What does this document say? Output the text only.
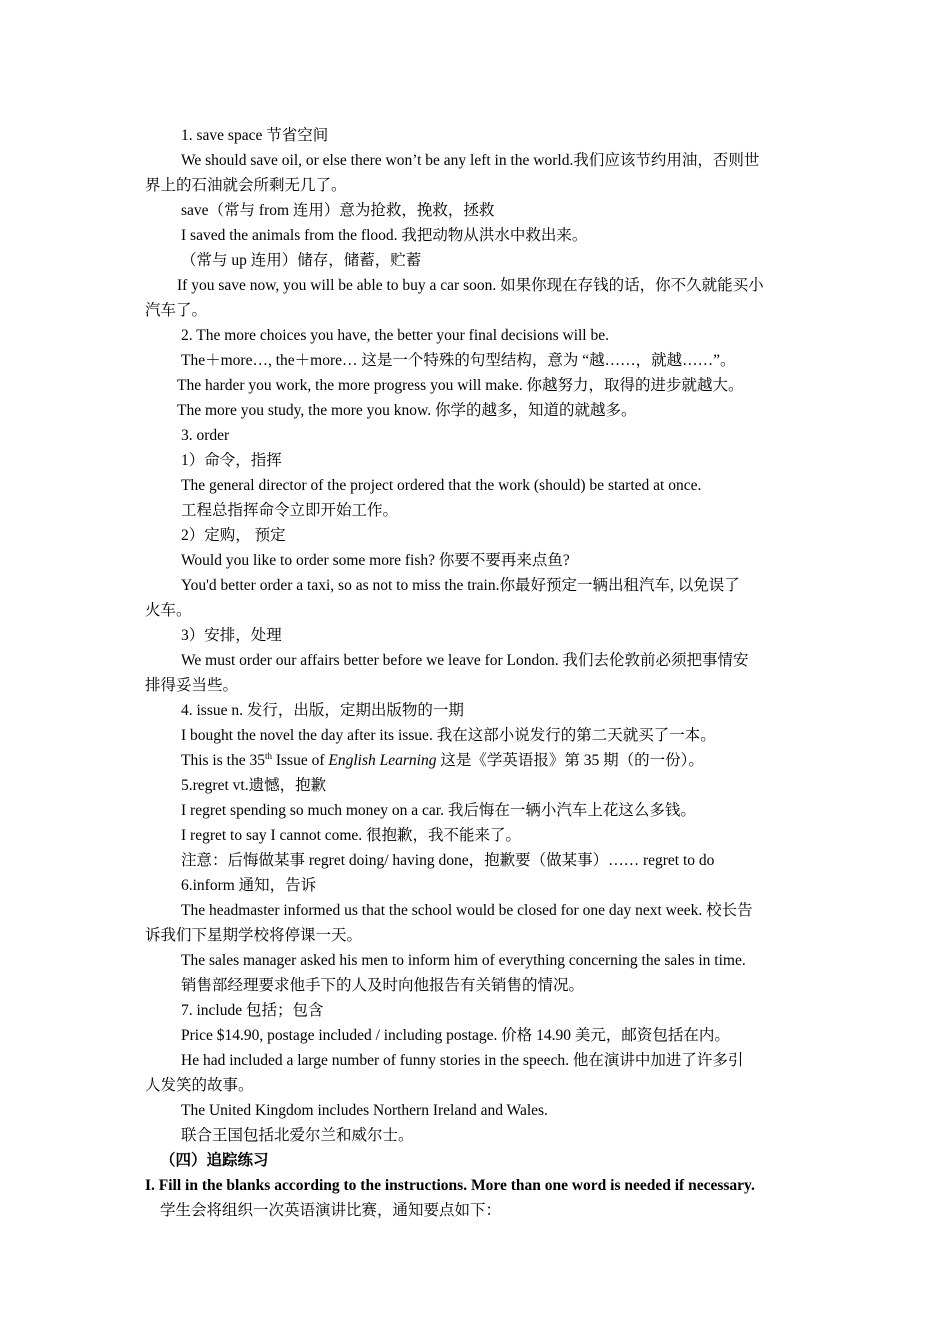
1. save space 节省空间
We should save oil, or else there won’t be any left in the world.我们应该节约用油，否则世
界上的石油就会所剩无几了。
save（常与 from 连用）意为抢救，挽救，拯救
I saved the animals from the flood. 我把动物从洪水中救出来。
（常与 up 连用）储存，储蓄，贮蓄
If you save now, you will be able to buy a car soon. 如果你现在存钱的话，你不久就能买小
汽车了。
2. The more choices you have, the better your final decisions will be.
The＋more…, the＋more… 这是一个特殊的句型结构，意为 “越……，就越……”。
The harder you work, the more progress you will make. 你越努力，取得的进步就越大。
The more you study, the more you know. 你学的越多，知道的就越多。
3. order
1）命令，指挥
The general director of the project ordered that the work (should) be started at once.
工程总指挥命令立即开始工作。
2）定购， 预定
Would you like to order some more fish? 你要不要再来点鱼?
You'd better order a taxi, so as not to miss the train.你最好预定一辆出租汽车, 以免误了
火车。
3）安排，处理
We must order our affairs better before we leave for London. 我们去伦敦前必须把事情安
排得妥当些。
4. issue n. 发行，出版，定期出版物的一期
I bought the novel the day after its issue. 我在这部小说发行的第二天就买了一本。
This is the 35th Issue of English Learning 这是《学英语报》第 35 期（的一份）。
5.regret vt.遗憾，抱歉
I regret spending so much money on a car. 我后悔在一辆小汽车上花这么多钱。
I regret to say I cannot come. 很抱歉，我不能来了。
注意：后悔做某事 regret doing/ having done，抱歉要（做某事）…… regret to do
6.inform 通知，告诉
The headmaster informed us that the school would be closed for one day next week. 校长告
诉我们下星期学校将停课一天。
The sales manager asked his men to inform him of everything concerning the sales in time.
销售部经理要求他手下的人及时向他报告有关销售的情况。
7. include 包括；包含
Price $14.90, postage included / including postage. 价格 14.90 美元，邮资包括在内。
He had included a large number of funny stories in the speech. 他在演讲中加进了许多引
人发笑的故事。
The United Kingdom includes Northern Ireland and Wales.
联合王国包括北爱尔兰和威尔士。
（四）追踪练习
I. Fill in the blanks according to the instructions. More than one word is needed if necessary.
学生会将组织一次英语演讲比赛，通知要点如下：
